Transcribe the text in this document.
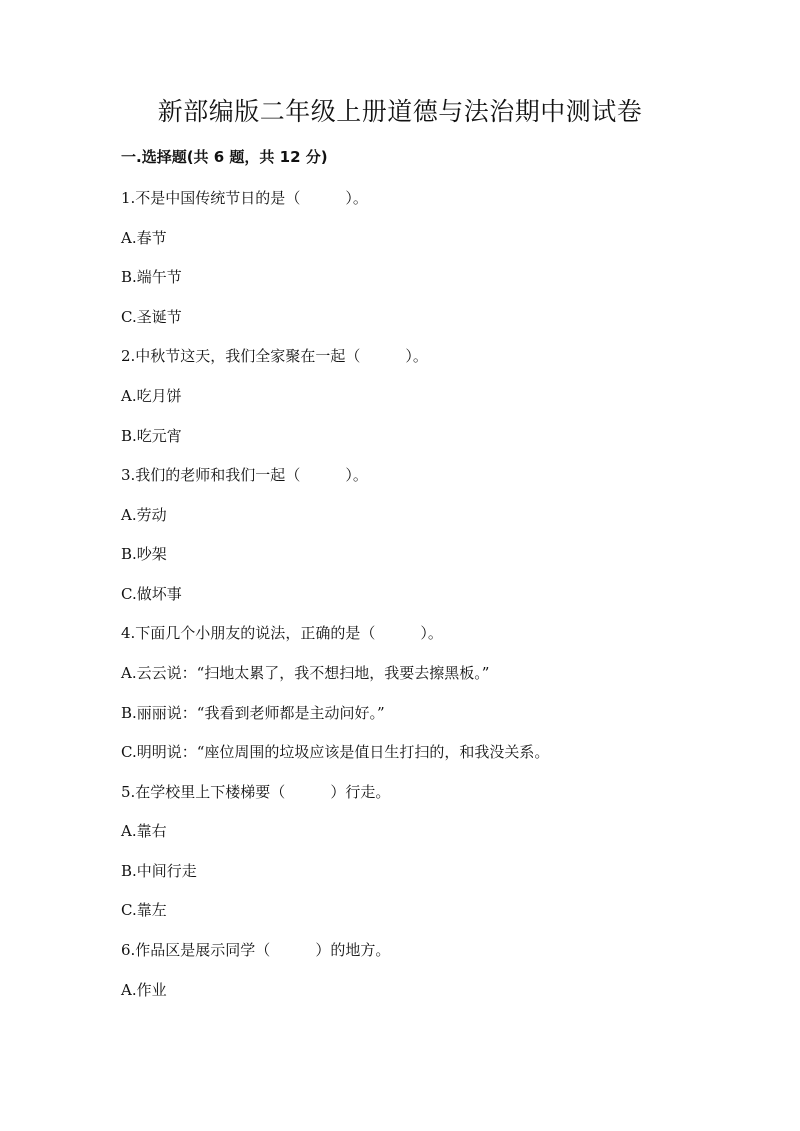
新部编版二年级上册道德与法治期中测试卷
一.选择题(共 6 题，共 12 分)
1.不是中国传统节日的是（　　　）。
A.春节
B.端午节
C.圣诞节
2.中秋节这天，我们全家聚在一起（　　　）。
A.吃月饼
B.吃元宵
3.我们的老师和我们一起（　　　）。
A.劳动
B.吵架
C.做坏事
4.下面几个小朋友的说法，正确的是（　　　）。
A.云云说：“扫地太累了，我不想扫地，我要去擦黑板。”
B.丽丽说：“我看到老师都是主动问好。”
C.明明说：“座位周围的垃圾应该是值日生打扫的，和我没关系。
5.在学校里上下楼梯要（　　　）行走。
A.靠右
B.中间行走
C.靠左
6.作品区是展示同学（　　　）的地方。
A.作业
